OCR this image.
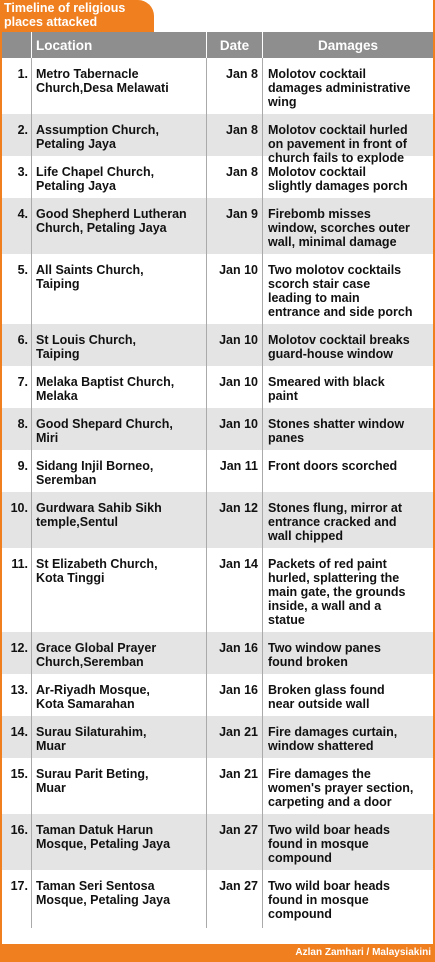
Timeline of religious
places attacked
Location	Date	Damages
1. Metro Tabernacle
Church,Desa Melawati
Jan 8 Molotov cocktail
damages administrative
wing
2. Assumption Church,
Petaling Jaya
Jan 8 Molotov cocktail hurled
on pavement in front of
church fails to explode
3. Life Chapel Church,
Petaling Jaya
Jan 8 Molotov cocktail
slightly damages porch
4. Good Shepherd Lutheran
Church, Petaling Jaya
Jan 9 Firebomb misses
window, scorches outer
wall, minimal damage
5. All Saints Church,
Taiping
Jan 10 Two molotov cocktails
scorch stair case
leading to main
entrance and side porch
6. St Louis Church,
Taiping
Jan 10 Molotov cocktail breaks
guard-house window
7. Melaka Baptist Church,
Melaka
Jan 10 Smeared with black
paint
8. Good Shepard Church,
Miri
Jan 10 Stones shatter window
panes
9. Sidang Injil Borneo,
Seremban
Jan 11 Front doors scorched
10. Gurdwara Sahib Sikh
temple,Sentul
Jan 12 Stones flung, mirror at
entrance cracked and
wall chipped
11. St Elizabeth Church,
Kota Tinggi
Jan 14 Packets of red paint
hurled, splattering the
main gate, the grounds
inside, a wall and a
statue
12. Grace Global Prayer
Church,Seremban
Jan 16 Two window panes
found broken
13. Ar-Riyadh Mosque,
Kota Samarahan
Jan 16 Broken glass found
near outside wall
14. Surau Silaturahim,
Muar
Jan 21 Fire damages curtain,
window shattered
15. Surau Parit Beting,
Muar
Jan 21 Fire damages the
women's prayer section,
carpeting and a door
16. Taman Datuk Harun
Mosque, Petaling Jaya
Jan 27 Two wild boar heads
found in mosque
compound
17. Taman Seri Sentosa
Mosque, Petaling Jaya
Jan 27 Two wild boar heads
found in mosque
compound
Azlan Zamhari / Malaysiakini
